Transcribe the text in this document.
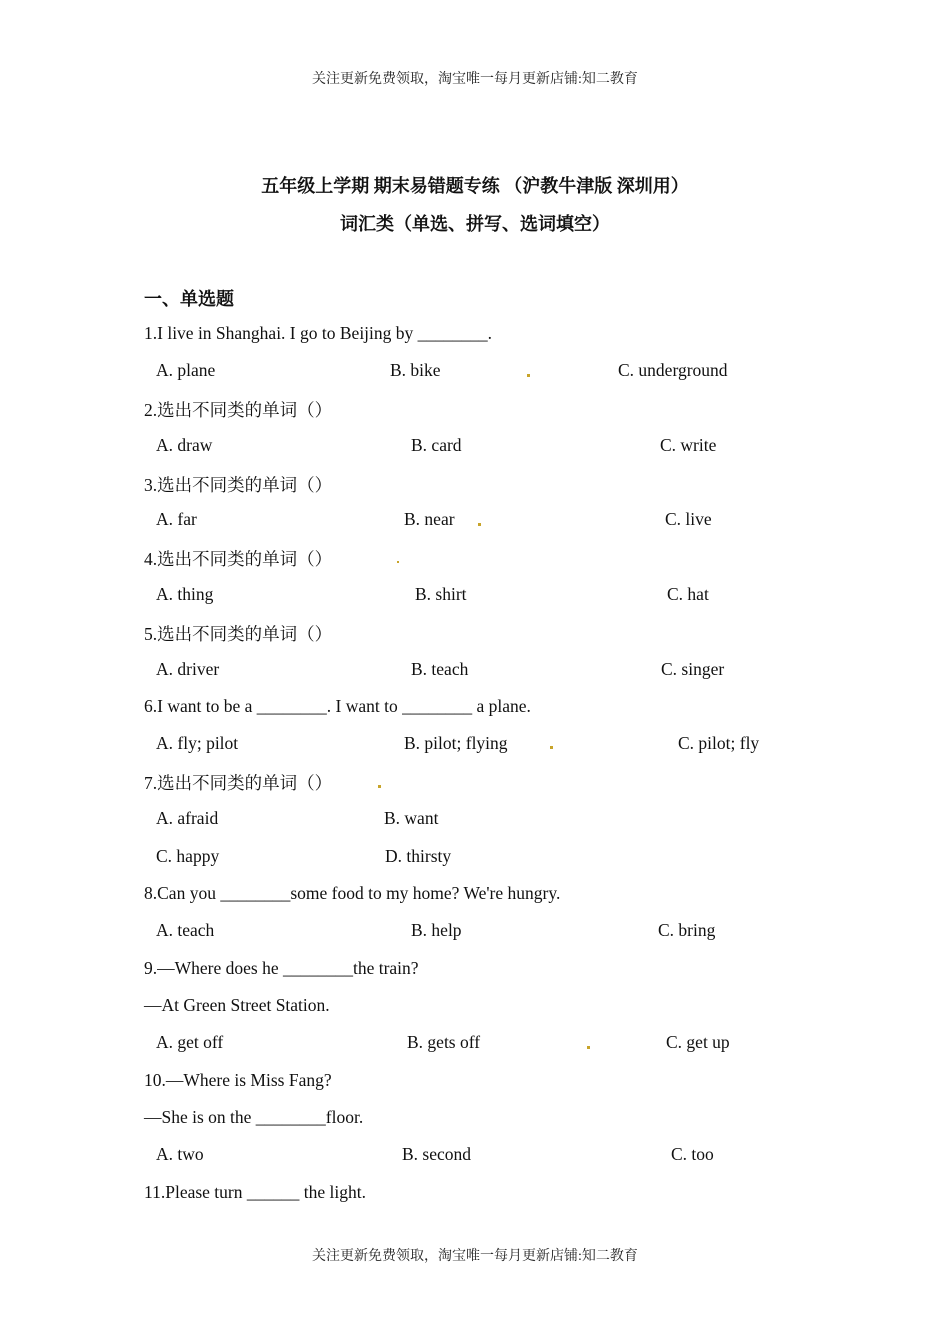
关注更新免费领取，淘宝唯一每月更新店铺:知二教育
五年级上学期 期末易错题专练 （沪教牛津版 深圳用）
词汇类（单选、拼写、选词填空）
一、单选题
1.I live in Shanghai. I go to Beijing by ________.
A. plane	B. bike	C. underground
2.选出不同类的单词（）
A. draw	B. card	C. write
3.选出不同类的单词（）
A. far	B. near	C. live
4.选出不同类的单词（）
A. thing	B. shirt	C. hat
5.选出不同类的单词（）
A. driver	B. teach	C. singer
6.I want to be a ________. I want to ________ a plane.
A. fly; pilot	B. pilot; flying	C. pilot; fly
7.选出不同类的单词（）
A. afraid	B. want
C. happy	D. thirsty
8.Can you ________some food to my home? We're hungry.
A. teach	B. help	C. bring
9.—Where does he ________the train?
—At Green Street Station.
A. get off	B. gets off	C. get up
10.—Where is Miss Fang?
—She is on the ________floor.
A. two	B. second	C. too
11.Please turn ______ the light.
关注更新免费领取，淘宝唯一每月更新店铺:知二教育
